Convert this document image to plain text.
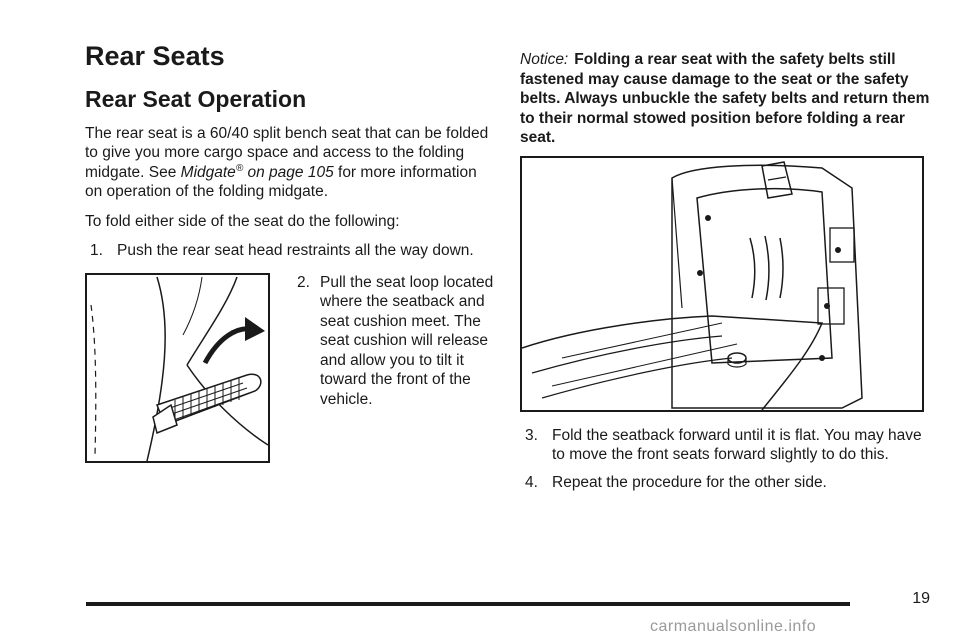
Rear Seats
Rear Seat Operation

The rear seat is a 60/40 split bench seat that can be folded to give you more cargo space and access to the folding midgate. See Midgate® on page 105 for more information on operation of the folding midgate.

To fold either side of the seat do the following:

1. Push the rear seat head restraints all the way down.
2. Pull the seat loop located where the seatback and seat cushion meet. The seat cushion will release and allow you to tilt it toward the front of the vehicle.

Notice: Folding a rear seat with the safety belts still fastened may cause damage to the seat or the safety belts. Always unbuckle the safety belts and return them to their normal stowed position before folding a rear seat.

3. Fold the seatback forward until it is flat. You may have to move the front seats forward slightly to do this.
4. Repeat the procedure for the other side.
19
carmanualsonline.info
